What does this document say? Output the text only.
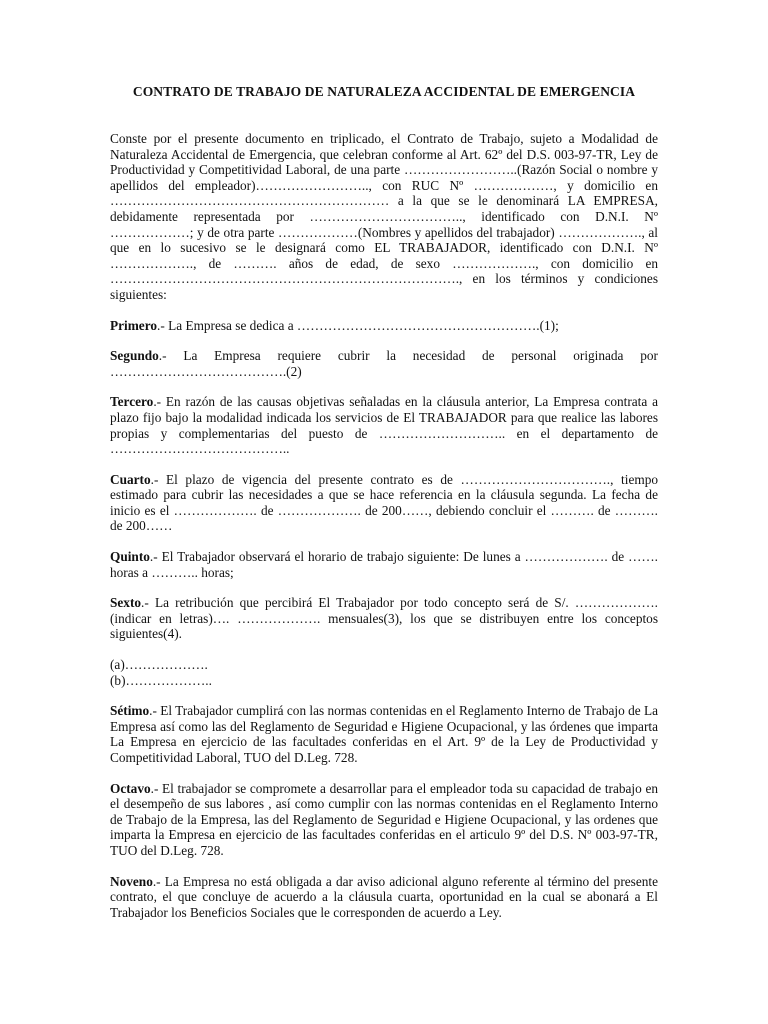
CONTRATO DE TRABAJO DE NATURALEZA ACCIDENTAL DE EMERGENCIA

Conste por el presente documento en triplicado, el Contrato de Trabajo, sujeto a Modalidad de Naturaleza Accidental de Emergencia, que celebran conforme al Art. 62º del D.S. 003-97-TR, Ley de Productividad y Competitividad Laboral, de una parte ……………………..(Razón Social o nombre y apellidos del empleador)…………………….., con RUC Nº ………………, y domicilio en ……………………………………………………… a la que se le denominará LA EMPRESA, debidamente representada por …………………………….., identificado con D.N.I. Nº ………………; y de otra parte ………………(Nombres y apellidos del trabajador) ………………., al que en lo sucesivo se le designará como EL TRABAJADOR, identificado con D.N.I. Nº ………………., de ………. años de edad, de sexo ………………., con domicilio en ……………………………………………………………………., en los términos y condiciones siguientes:

Primero.- La Empresa se dedica a ……………………………………………….(1);

Segundo.- La Empresa requiere cubrir la necesidad de personal originada por ………………………………….(2)

Tercero.- En razón de las causas objetivas señaladas en la cláusula anterior, La Empresa contrata a plazo fijo bajo la modalidad indicada los servicios de El TRABAJADOR para que realice las labores propias y complementarias del puesto de ……………………….. en el departamento de …………………………………..

Cuarto.- El plazo de vigencia del presente contrato es de ……………………………., tiempo estimado para cubrir las necesidades a que se hace referencia en la cláusula segunda. La fecha de inicio es el ………………. de ………………. de 200……, debiendo concluir el ………. de ………. de 200……

Quinto.- El Trabajador observará el horario de trabajo siguiente: De lunes a ………………. de ……. horas a ……….. horas;

Sexto.- La retribución que percibirá El Trabajador por todo concepto será de S/. ………………. (indicar en letras)…. ………………. mensuales(3), los que se distribuyen entre los conceptos siguientes(4).

(a)……………….
(b)………………..

Sétimo.- El Trabajador cumplirá con las normas contenidas en el Reglamento Interno de Trabajo de La Empresa así como las del Reglamento de Seguridad e Higiene Ocupacional, y las órdenes que imparta La Empresa en ejercicio de las facultades conferidas en el Art. 9º de la Ley de Productividad y Competitividad Laboral, TUO del D.Leg. 728.

Octavo.- El trabajador se compromete a desarrollar para el empleador toda su capacidad de trabajo en el desempeño de sus labores , así como cumplir con las normas contenidas en el Reglamento Interno de Trabajo de la Empresa, las del Reglamento de Seguridad e Higiene Ocupacional, y las ordenes que imparta la Empresa en ejercicio de las facultades conferidas en el articulo 9º del D.S. Nº 003-97-TR, TUO del D.Leg. 728.

Noveno.- La Empresa no está obligada a dar aviso adicional alguno referente al término del presente contrato, el que concluye de acuerdo a la cláusula cuarta, oportunidad en la cual se abonará a El Trabajador los Beneficios Sociales que le corresponden de acuerdo a Ley.
